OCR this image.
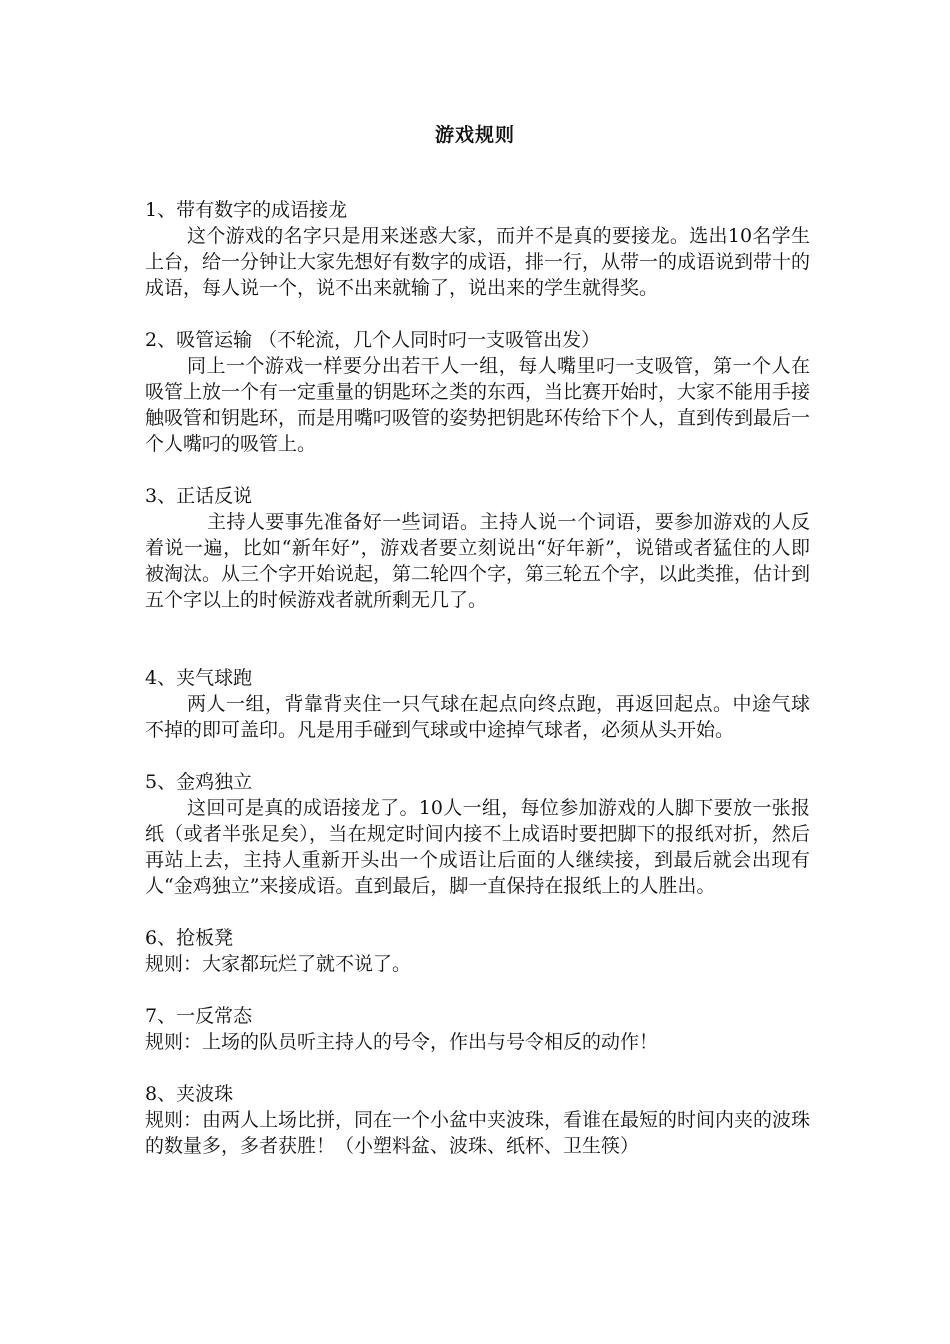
游戏规则

1、带有数字的成语接龙

这个游戏的名字只是用来迷惑大家，而并不是真的要接龙。选出10名学生上台，给一分钟让大家先想好有数字的成语，排一行，从带一的成语说到带十的成语，每人说一个，说不出来就输了，说出来的学生就得奖。

2、吸管运输 （不轮流，几个人同时叼一支吸管出发）

同上一个游戏一样要分出若干人一组，每人嘴里叼一支吸管，第一个人在吸管上放一个有一定重量的钥匙环之类的东西，当比赛开始时，大家不能用手接触吸管和钥匙环，而是用嘴叼吸管的姿势把钥匙环传给下个人，直到传到最后一个人嘴叼的吸管上。

3、正话反说

主持人要事先准备好一些词语。主持人说一个词语，要参加游戏的人反着说一遍，比如“新年好”，游戏者要立刻说出“好年新”，说错或者猛住的人即被淘汰。从三个字开始说起，第二轮四个字，第三轮五个字，以此类推，估计到五个字以上的时候游戏者就所剩无几了。

4、夹气球跑

两人一组，背靠背夹住一只气球在起点向终点跑，再返回起点。中途气球不掉的即可盖印。凡是用手碰到气球或中途掉气球者，必须从头开始。

5、金鸡独立

这回可是真的成语接龙了。10人一组，每位参加游戏的人脚下要放一张报纸（或者半张足矣），当在规定时间内接不上成语时要把脚下的报纸对折，然后再站上去，主持人重新开头出一个成语让后面的人继续接，到最后就会出现有人“金鸡独立”来接成语。直到最后，脚一直保持在报纸上的人胜出。

6、抢板凳

规则：大家都玩烂了就不说了。

7、一反常态

规则：上场的队员听主持人的号令，作出与号令相反的动作！

8、夹波珠

规则：由两人上场比拼，同在一个小盆中夹波珠，看谁在最短的时间内夹的波珠的数量多，多者获胜！（小塑料盆、波珠、纸杯、卫生筷）
